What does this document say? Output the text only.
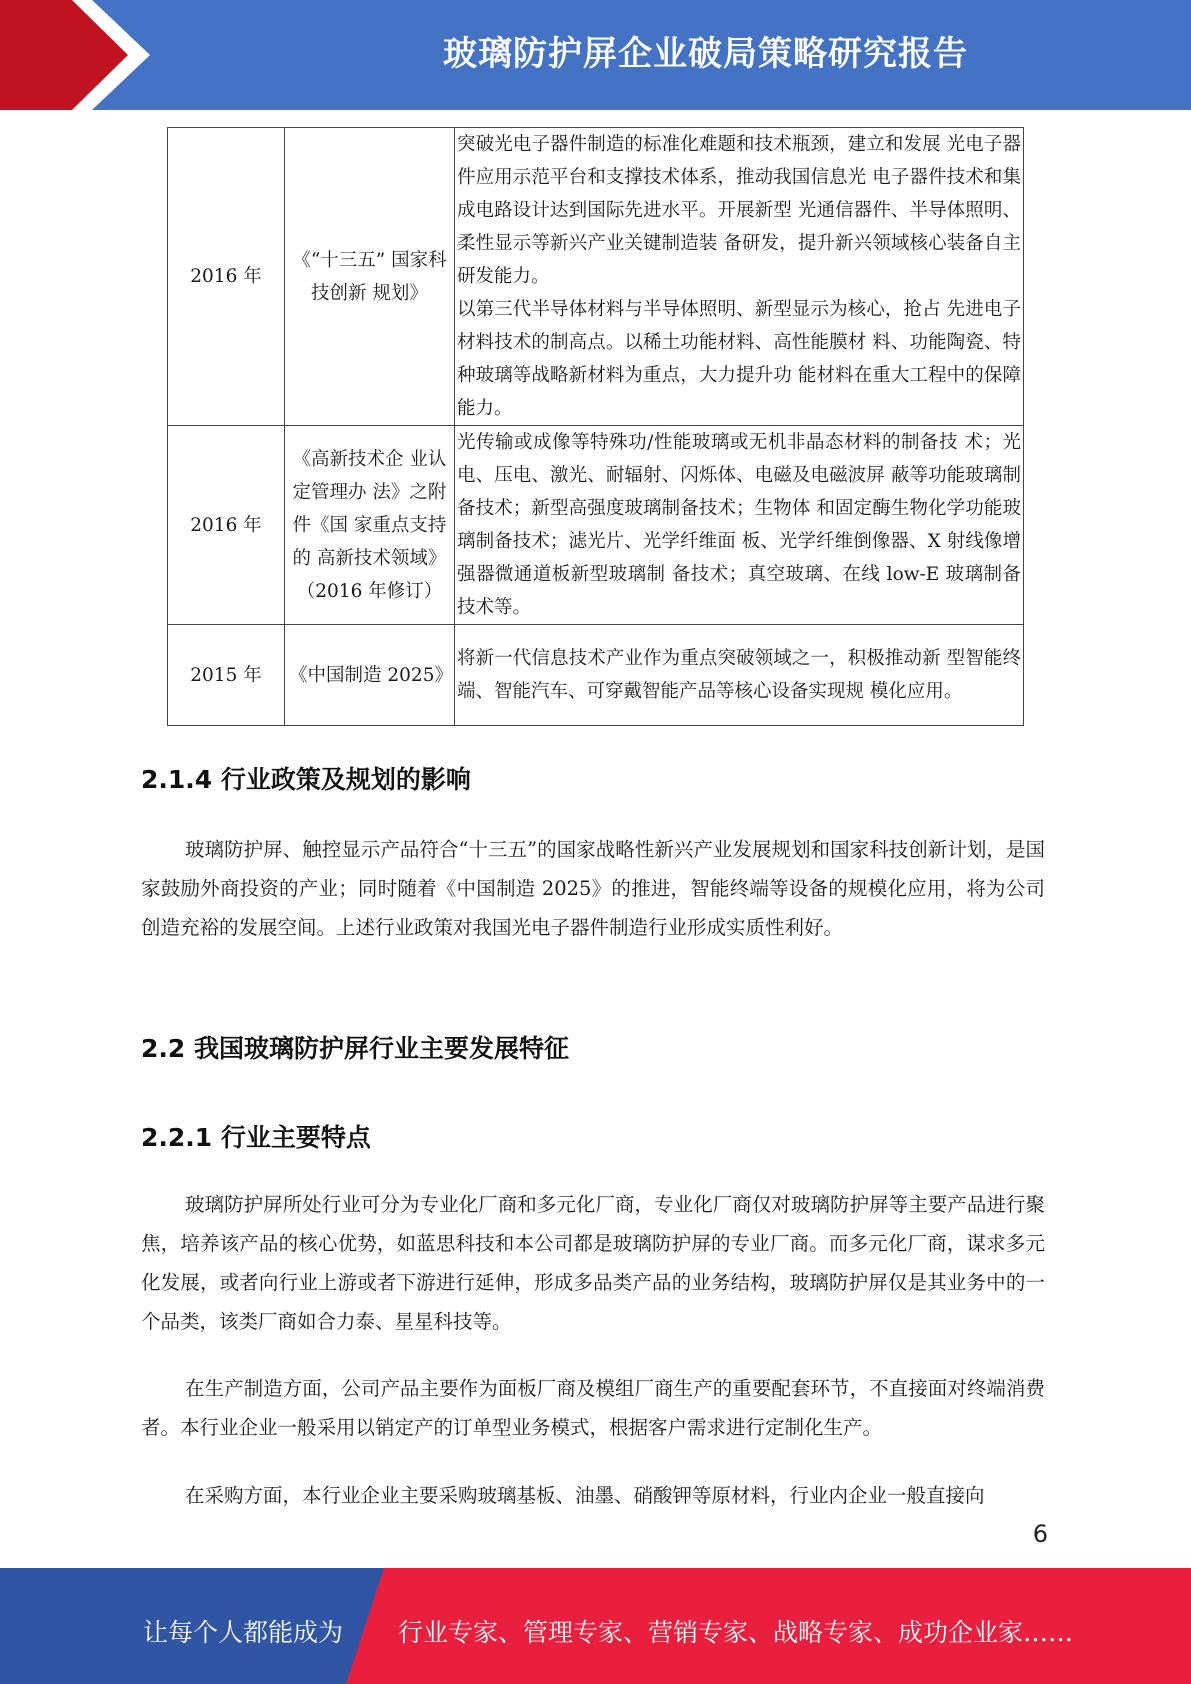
玻璃防护屏企业破局策略研究报告
2016 年	《“十三五” 国家科技创新 规划》	突破光电子器件制造的标准化难题和技术瓶颈，建立和发展 光电子器件应用示范平台和支撑技术体系，推动我国信息光 电子器件技术和集成电路设计达到国际先进水平。开展新型 光通信器件、半导体照明、柔性显示等新兴产业关键制造装 备研发，提升新兴领域核心装备自主研发能力。

以第三代半导体材料与半导体照明、新型显示为核心，抢占 先进电子材料技术的制高点。以稀土功能材料、高性能膜材 料、功能陶瓷、特种玻璃等战略新材料为重点，大力提升功 能材料在重大工程中的保障能力。

2016 年	《高新技术企 业认定管理办 法》之附件《国 家重点支持的 高新技术领域》（2016 年修订）	光传输或成像等特殊功/性能玻璃或无机非晶态材料的制备技 术；光电、压电、激光、耐辐射、闪烁体、电磁及电磁波屏 蔽等功能玻璃制备技术；新型高强度玻璃制备技术；生物体 和固定酶生物化学功能玻璃制备技术；滤光片、光学纤维面 板、光学纤维倒像器、X 射线像增强器微通道板新型玻璃制 备技术；真空玻璃、在线 low-E 玻璃制备技术等。

2015 年	《中国制造 2025》	将新一代信息技术产业作为重点突破领域之一，积极推动新 型智能终端、智能汽车、可穿戴智能产品等核心设备实现规 模化应用。

2.1.4 行业政策及规划的影响

玻璃防护屏、触控显示产品符合“十三五”的国家战略性新兴产业发展规划和国家科技创新计划，是国家鼓励外商投资的产业；同时随着《中国制造 2025》的推进，智能终端等设备的规模化应用，将为公司创造充裕的发展空间。上述行业政策对我国光电子器件制造行业形成实质性利好。

2.2 我国玻璃防护屏行业主要发展特征
2.2.1 行业主要特点

玻璃防护屏所处行业可分为专业化厂商和多元化厂商，专业化厂商仅对玻璃防护屏等主要产品进行聚焦，培养该产品的核心优势，如蓝思科技和本公司都是玻璃防护屏的专业厂商。而多元化厂商，谋求多元化发展，或者向行业上游或者下游进行延伸，形成多品类产品的业务结构，玻璃防护屏仅是其业务中的一个品类，该类厂商如合力泰、星星科技等。

在生产制造方面，公司产品主要作为面板厂商及模组厂商生产的重要配套环节，不直接面对终端消费者。本行业企业一般采用以销定产的订单型业务模式，根据客户需求进行定制化生产。

在采购方面，本行业企业主要采购玻璃基板、油墨、硝酸钾等原材料，行业内企业一般直接向

6
让每个人都能成为 行业专家、管理专家、营销专家、战略专家、成功企业家……
